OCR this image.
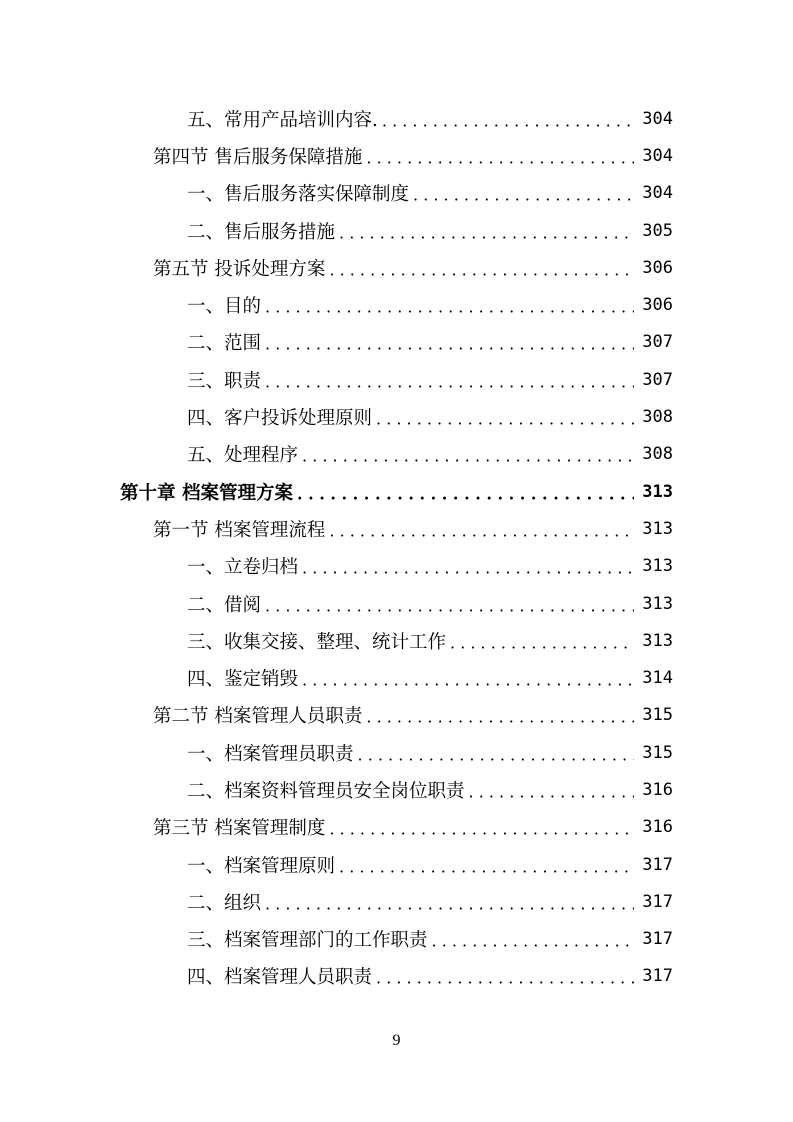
五、常用产品培训内容. . . .	304
第四节 售后服务保障措施 . . .	304
一、售后服务落实保障制度 . . .	304
二、售后服务措施 . . .	305
第五节 投诉处理方案 . . .	306
一、目的 . . .	306
二、范围 . . .	307
三、职责 . . .	307
四、客户投诉处理原则 . . .	308
五、处理程序 . . .	308
第十章 档案管理方案 . . .	313
第一节 档案管理流程 . . .	313
一、立卷归档 . . .	313
二、借阅 . . .	313
三、收集交接、整理、统计工作 . . .	313
四、鉴定销毁 . . .	314
第二节 档案管理人员职责 . . .	315
一、档案管理员职责 . . .	315
二、档案资料管理员安全岗位职责 . . .	316
第三节 档案管理制度 . . .	316
一、档案管理原则 . . .	317
二、组织 . . .	317
三、档案管理部门的工作职责 . . .	317
四、档案管理人员职责 . . .	317
9
